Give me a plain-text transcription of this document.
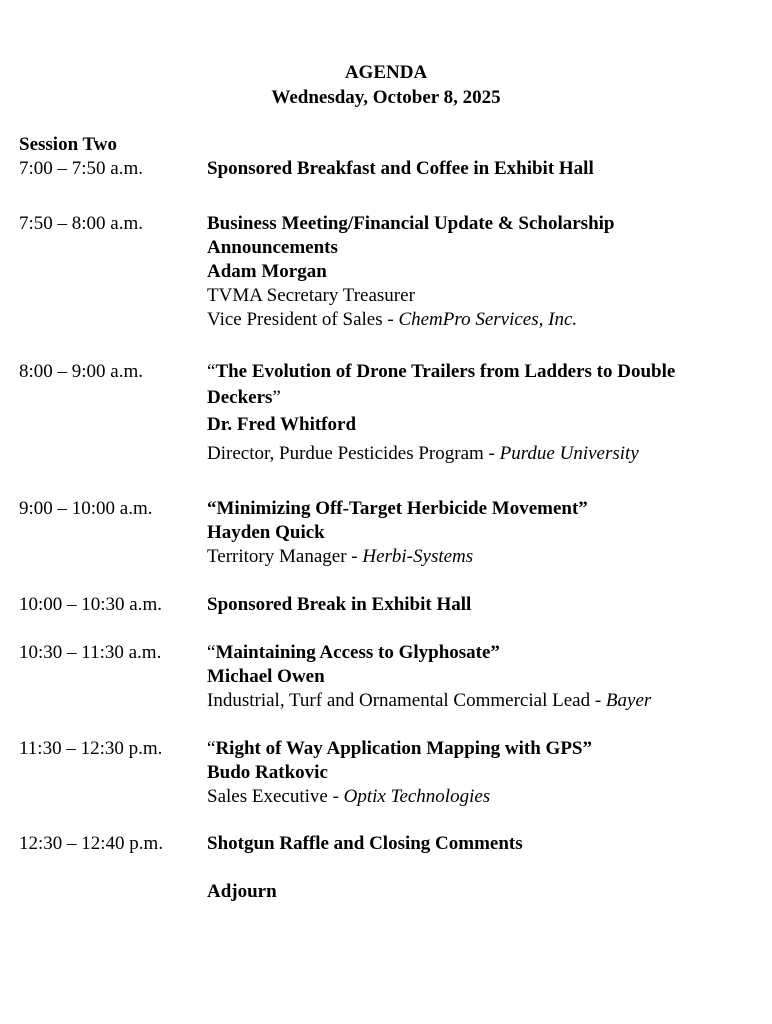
AGENDA
Wednesday, October 8, 2025
Session Two
7:00 – 7:50 a.m.	Sponsored Breakfast and Coffee in Exhibit Hall
7:50 – 8:00 a.m.	Business Meeting/Financial Update & Scholarship
Announcements
Adam Morgan
TVMA Secretary Treasurer
Vice President of Sales - ChemPro Services, Inc.
8:00 – 9:00 a.m.	“The Evolution of Drone Trailers from Ladders to Double
Deckers”
Dr. Fred Whitford
Director, Purdue Pesticides Program - Purdue University
9:00 – 10:00 a.m.	“Minimizing Off-Target Herbicide Movement”
Hayden Quick
Territory Manager - Herbi-Systems
10:00 – 10:30 a.m. Sponsored Break in Exhibit Hall
10:30 – 11:30 a.m. “Maintaining Access to Glyphosate”
Michael Owen
Industrial, Turf and Ornamental Commercial Lead - Bayer
11:30 – 12:30 p.m. “Right of Way Application Mapping with GPS”
Budo Ratkovic
Sales Executive - Optix Technologies
12:30 – 12:40 p.m. Shotgun Raffle and Closing Comments
Adjourn
